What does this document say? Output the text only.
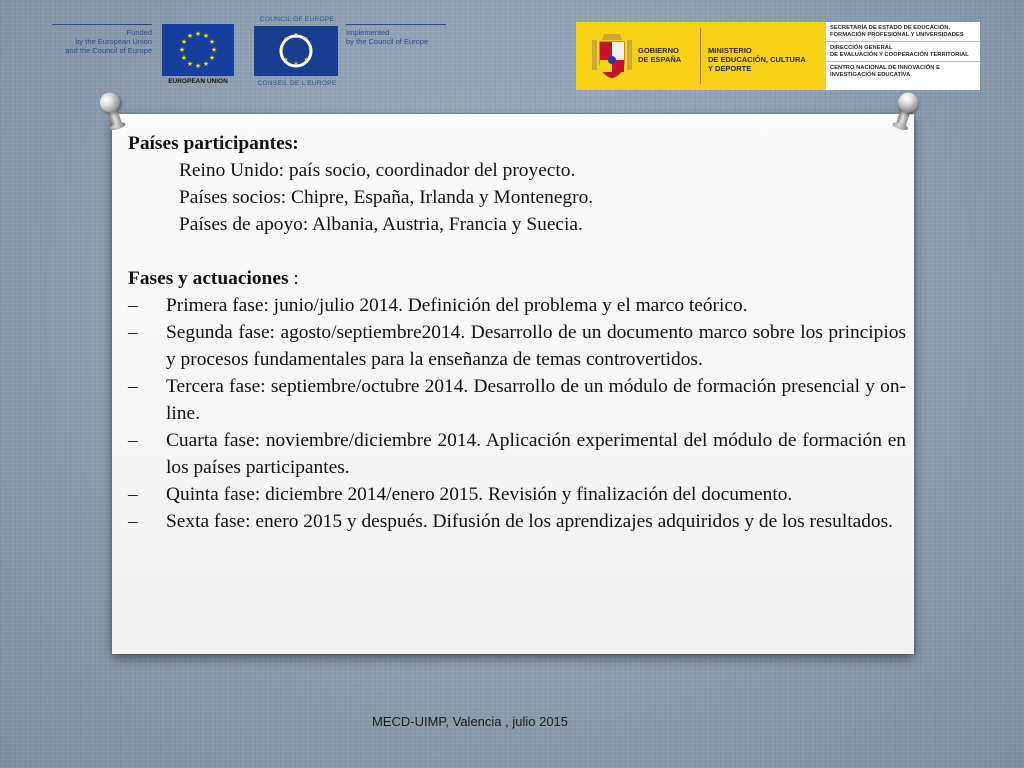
Funded
by the European Union
and the Council of Europe
★ ★
★
★
★
★
★
★
★
★
★
★
EUROPEAN UNION
COUNCIL OF EUROPE
★
★
★
★
★
★
★
★
CONSEIL DE L'EUROPE
Implemented
by the Council of Europe
GOBIERNO
DE ESPAÑA
MINISTERIO
DE EDUCACIÓN, CULTURA
Y DEPORTE
SECRETARÍA DE ESTADO DE EDUCACIÓN,
FORMACIÓN PROFESIONAL Y UNIVERSIDADES
DIRECCIÓN GENERAL
DE EVALUACIÓN Y COOPERACIÓN TERRITORIAL
CENTRO NACIONAL DE INNOVACIÓN E
INVESTIGACIÓN EDUCATIVA
Países participantes:
Reino Unido: país socio, coordinador del proyecto.
Países socios: Chipre, España, Irlanda y Montenegro.
Países de apoyo: Albania, Austria, Francia y Suecia.
Fases y actuaciones :
– Primera fase: junio/julio 2014. Definición del problema y el marco teórico.
– Segunda fase: agosto/septiembre2014. Desarrollo de un documento marco sobre los principios y procesos fundamentales para la enseñanza de temas controvertidos.
– Tercera fase: septiembre/octubre 2014. Desarrollo de un módulo de formación presencial y on-line.
– Cuarta fase: noviembre/diciembre 2014. Aplicación experimental del módulo de formación en los países participantes.
– Quinta fase: diciembre 2014/enero 2015. Revisión y finalización del documento.
– Sexta fase: enero 2015 y después. Difusión de los aprendizajes adquiridos y de los resultados.
MECD-UIMP, Valencia , julio 2015
